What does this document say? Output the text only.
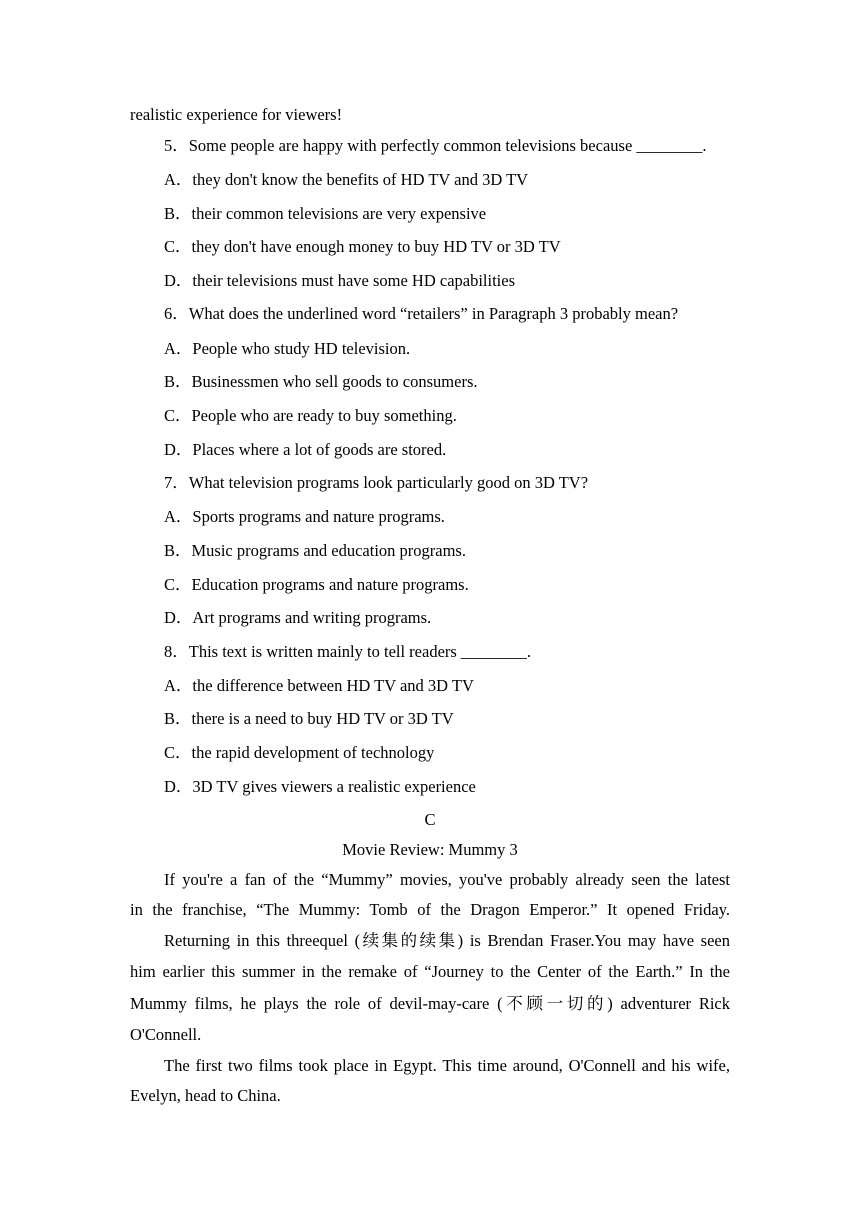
realistic experience for viewers!
5．Some people are happy with perfectly common televisions because ________.
A．they don't know the benefits of HD TV and 3D TV
B．their common televisions are very expensive
C．they don't have enough money to buy HD TV or 3D TV
D．their televisions must have some HD capabilities
6．What does the underlined word “retailers” in Paragraph 3 probably mean?
A．People who study HD television.
B．Businessmen who sell goods to consumers.
C．People who are ready to buy something.
D．Places where a lot of goods are stored.
7．What television programs look particularly good on 3D TV?
A．Sports programs and nature programs.
B．Music programs and education programs.
C．Education programs and nature programs.
D．Art programs and writing programs.
8．This text is written mainly to tell readers ________.
A．the difference between HD TV and 3D TV
B．there is a need to buy HD TV or 3D TV
C．the rapid development of technology
D．3D TV gives viewers a realistic experience
C
Movie Review: Mummy 3
If you're a fan of the “Mummy” movies, you've probably already seen the latest
in the franchise, “The Mummy: Tomb of the Dragon Emperor.” It opened Friday.
Returning in this threequel (续集的续集) is Brendan Fraser.You may have seen
him earlier this summer in the remake of “Journey to the Center of the Earth.” In the
Mummy films, he plays the role of devil-may-care (不顾一切的) adventurer Rick
O'Connell.
The first two films took place in Egypt. This time around, O'Connell and his wife,
Evelyn, head to China.
